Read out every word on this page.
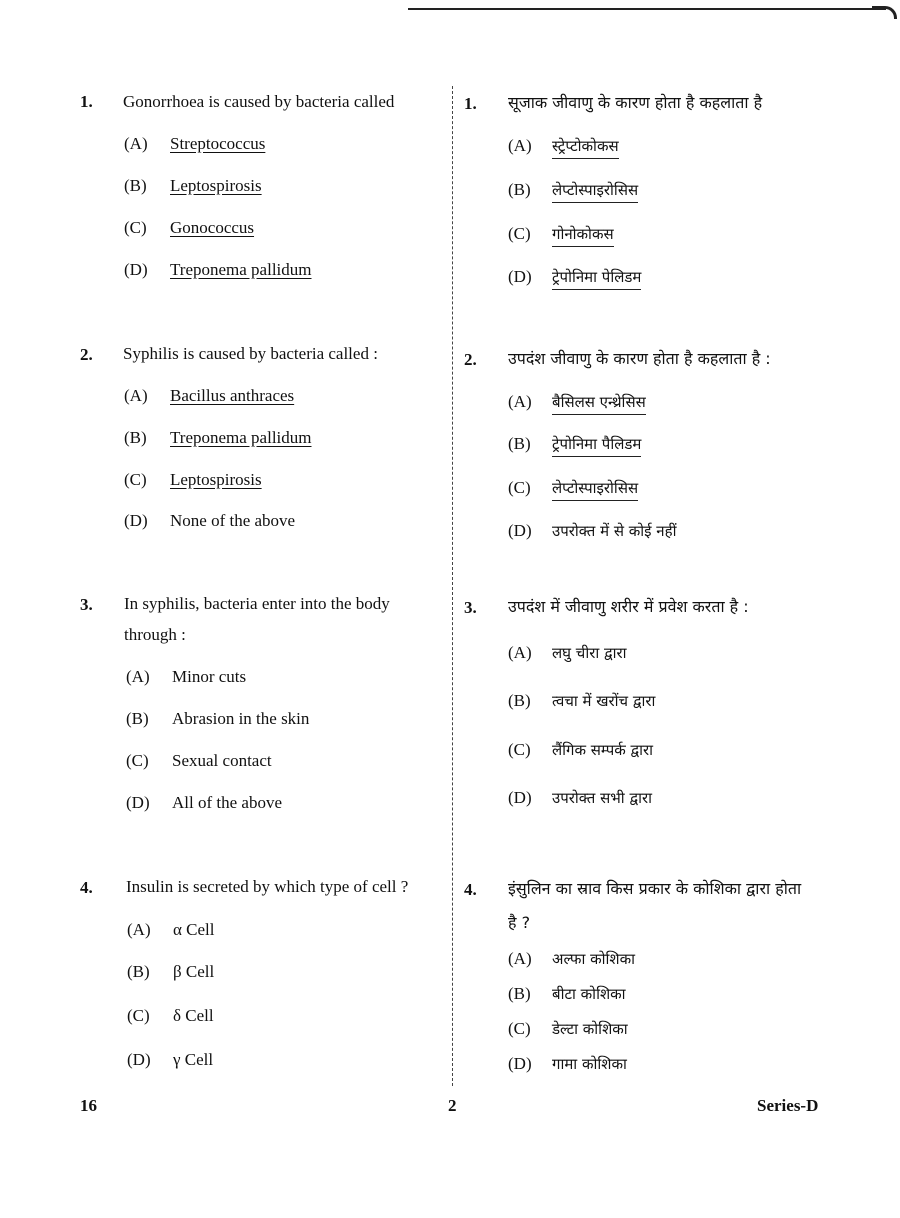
1. Gonorrhoea is caused by bacteria called
(A) Streptococcus
(B) Leptospirosis
(C) Gonococcus
(D) Treponema pallidum
2. Syphilis is caused by bacteria called :
(A) Bacillus anthraces
(B) Treponema pallidum
(C) Leptospirosis
(D) None of the above
3. In syphilis, bacteria enter into the body through :
(A) Minor cuts
(B) Abrasion in the skin
(C) Sexual contact
(D) All of the above
4. Insulin is secreted by which type of cell ?
(A) α Cell
(B) β Cell
(C) δ Cell
(D) γ Cell
1. सूजाक जीवाणु के कारण होता है कहलाता है
(A) स्ट्रेप्टोकोकस
(B) लेप्टोस्पाइरोसिस
(C) गोनोकोकस
(D) ट्रेपोनिमा पेलिडम
2. उपदंश जीवाणु के कारण होता है कहलाता है :
(A) बैसिलस एन्थ्रेसिस
(B) ट्रेपोनिमा पैलिडम
(C) लेप्टोस्पाइरोसिस
(D) उपरोक्त में से कोई नहीं
3. उपदंश में जीवाणु शरीर में प्रवेश करता है :
(A) लघु चीरा द्वारा
(B) त्वचा में खरोंच द्वारा
(C) लैंगिक सम्पर्क द्वारा
(D) उपरोक्त सभी द्वारा
4. इंसुलिन का स्राव किस प्रकार के कोशिका द्वारा होता है ?
(A) अल्फा कोशिका
(B) बीटा कोशिका
(C) डेल्टा कोशिका
(D) गामा कोशिका
16	2	Series-D
